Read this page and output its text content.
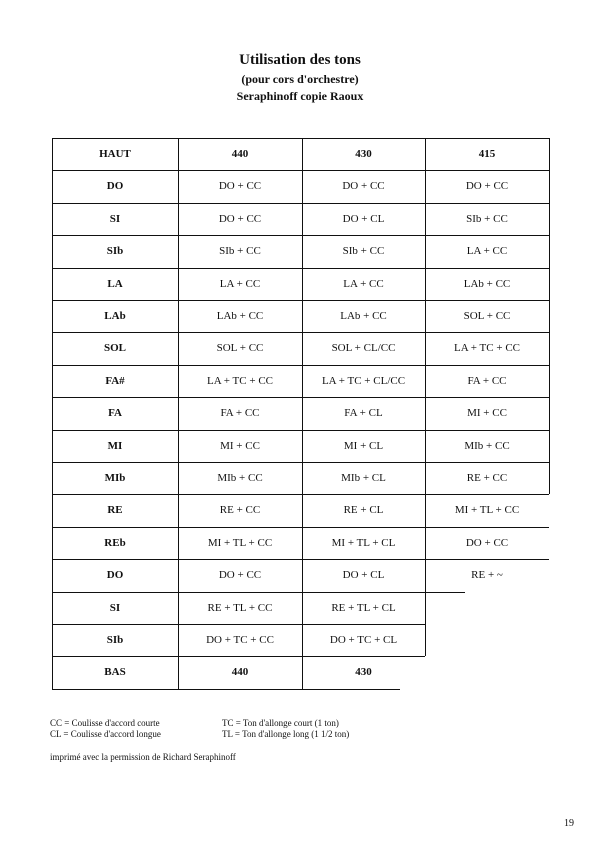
Utilisation des tons
(pour cors d'orchestre)
Seraphinoff copie Raoux
HAUT	440	430	415
DO	DO + CC	DO + CC	DO + CC
SI	DO + CC	DO + CL	SIb + CC
SIb	SIb + CC	SIb + CC	LA + CC
LA	LA + CC	LA + CC	LAb + CC
LAb	LAb + CC	LAb + CC	SOL + CC
SOL	SOL + CC	SOL + CL/CC	LA + TC + CC
FA#	LA + TC + CC	LA + TC + CL/CC	FA + CC
FA	FA + CC	FA + CL	MI + CC
MI	MI + CC	MI + CL	MIb + CC
MIb	MIb + CC	MIb + CL	RE + CC
RE	RE + CC	RE + CL	MI + TL + CC
REb	MI + TL + CC	MI + TL + CL	DO + CC
DO	DO + CC	DO + CL	RE + ~
SI	RE + TL + CC	RE + TL + CL
SIb	DO + TC + CC	DO + TC + CL
BAS	440	430
CC = Coulisse d'accord courte
CL = Coulisse d'accord longue
TC = Ton d'allonge court (1 ton)
TL = Ton d'allonge long (1 1/2 ton)
imprimé avec la permission de Richard Seraphinoff
19
